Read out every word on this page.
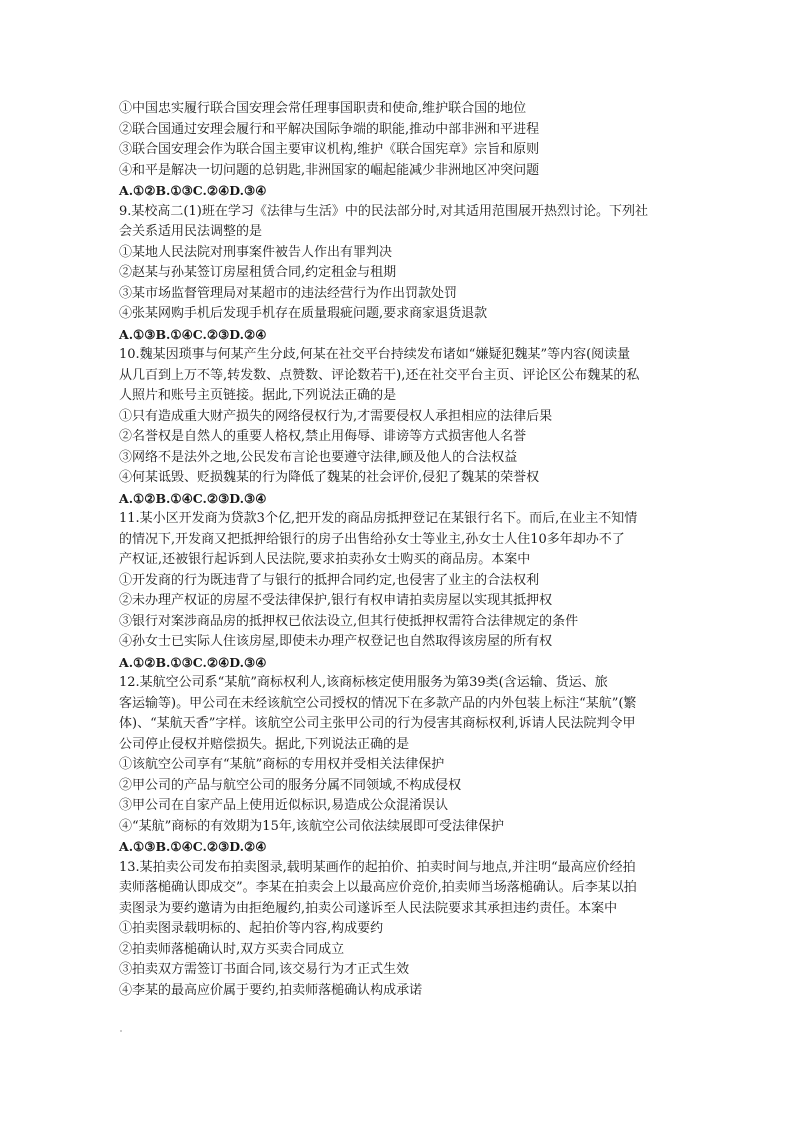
①中国忠实履行联合国安理会常任理事国职责和使命,维护联合国的地位
②联合国通过安理会履行和平解决国际争端的职能,推动中部非洲和平进程
③联合国安理会作为联合国主要审议机构,维护《联合国宪章》宗旨和原则
④和平是解决一切问题的总钥匙,非洲国家的崛起能减少非洲地区冲突问题
A.①②B.①③C.②④D.③④
9.某校高二(1)班在学习《法律与生活》中的民法部分时,对其适用范围展开热烈讨论。下列社
会关系适用民法调整的是
①某地人民法院对刑事案件被告人作出有罪判决
②赵某与孙某签订房屋租赁合同,约定租金与租期
③某市场监督管理局对某超市的违法经营行为作出罚款处罚
④张某网购手机后发现手机存在质量瑕疵问题,要求商家退货退款
A.①③B.①④C.②③D.②④
10.魏某因琐事与何某产生分歧,何某在社交平台持续发布诸如“嫌疑犯魏某”等内容(阅读量
从几百到上万不等,转发数、点赞数、评论数若干),还在社交平台主页、评论区公布魏某的私
人照片和账号主页链接。据此,下列说法正确的是
①只有造成重大财产损失的网络侵权行为,才需要侵权人承担相应的法律后果
②名誉权是自然人的重要人格权,禁止用侮辱、诽谤等方式损害他人名誉
③网络不是法外之地,公民发布言论也要遵守法律,顾及他人的合法权益
④何某诋毁、贬损魏某的行为降低了魏某的社会评价,侵犯了魏某的荣誉权
A.①②B.①④C.②③D.③④
11.某小区开发商为贷款3个亿,把开发的商品房抵押登记在某银行名下。而后,在业主不知情
的情况下,开发商又把抵押给银行的房子出售给孙女士等业主,孙女士人住10多年却办不了
产权证,还被银行起诉到人民法院,要求拍卖孙女士购买的商品房。本案中
①开发商的行为既违背了与银行的抵押合同约定,也侵害了业主的合法权利
②未办理产权证的房屋不受法律保护,银行有权申请拍卖房屋以实现其抵押权
③银行对案涉商品房的抵押权已依法设立,但其行使抵押权需符合法律规定的条件
④孙女士已实际人住该房屋,即使未办理产权登记也自然取得该房屋的所有权
A.①②B.①③C.②④D.③④
12.某航空公司系“某航”商标权利人,该商标核定使用服务为第39类(含运输、货运、旅
客运输等)。甲公司在未经该航空公司授权的情况下在多款产品的内外包装上标注“某航”(繁
体)、“某航天香”字样。该航空公司主张甲公司的行为侵害其商标权利,诉请人民法院判令甲
公司停止侵权并赔偿损失。据此,下列说法正确的是
①该航空公司享有“某航”商标的专用权并受相关法律保护
②甲公司的产品与航空公司的服务分属不同领域,不构成侵权
③甲公司在自家产品上使用近似标识,易造成公众混淆误认
④“某航”商标的有效期为15年,该航空公司依法续展即可受法律保护
A.①③B.①④C.②③D.②④
13.某拍卖公司发布拍卖图录,载明某画作的起拍价、拍卖时间与地点,并注明“最高应价经拍
卖师落槌确认即成交”。李某在拍卖会上以最高应价竞价,拍卖师当场落槌确认。后李某以拍
卖图录为要约邀请为由拒绝履约,拍卖公司遂诉至人民法院要求其承担违约责任。本案中
①拍卖图录载明标的、起拍价等内容,构成要约
②拍卖师落槌确认时,双方买卖合同成立
③拍卖双方需签订书面合同,该交易行为才正式生效
④李某的最高应价属于要约,拍卖师落槌确认构成承诺
